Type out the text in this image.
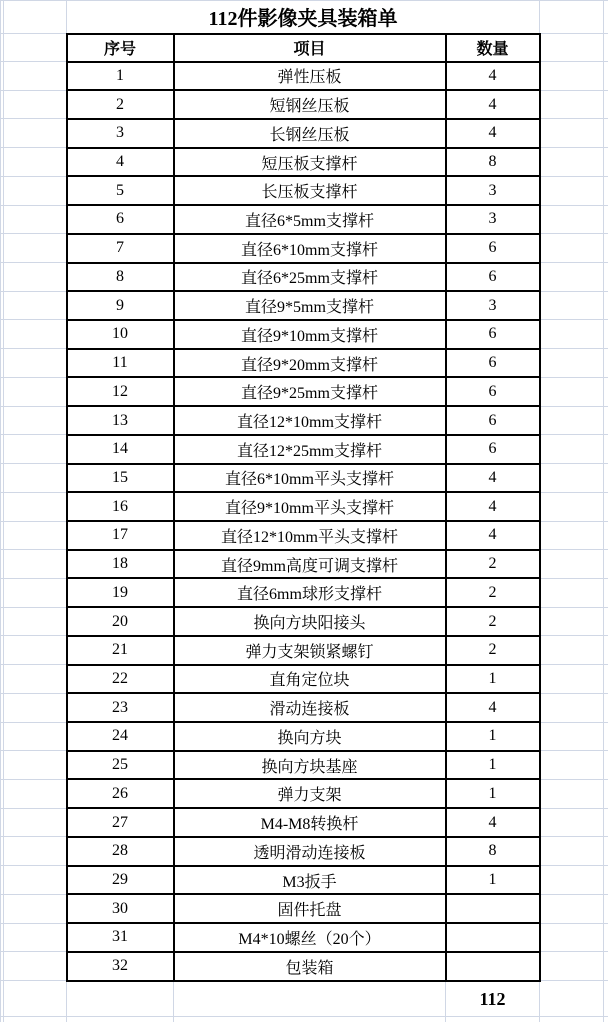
		112件影像夹具装箱单				
		序号	项目	数量		
		1	弹性压板	4		
		2	短钢丝压板	4		
		3	长钢丝压板	4		
		4	短压板支撑杆	8		
		5	长压板支撑杆	3		
		6	直径6*5mm支撑杆	3		
		7	直径6*10mm支撑杆	6		
		8	直径6*25mm支撑杆	6		
		9	直径9*5mm支撑杆	3		
		10	直径9*10mm支撑杆	6		
		11	直径9*20mm支撑杆	6		
		12	直径9*25mm支撑杆	6		
		13	直径12*10mm支撑杆	6		
		14	直径12*25mm支撑杆	6		
		15	直径6*10mm平头支撑杆	4		
		16	直径9*10mm平头支撑杆	4		
		17	直径12*10mm平头支撑杆	4		
		18	直径9mm高度可调支撑杆	2		
		19	直径6mm球形支撑杆	2		
		20	换向方块阳接头	2		
		21	弹力支架锁紧螺钉	2		
		22	直角定位块	1		
		23	滑动连接板	4		
		24	换向方块	1		
		25	换向方块基座	1		
		26	弹力支架	1		
		27	M4-M8转换杆	4		
		28	透明滑动连接板	8		
		29	M3扳手	1		
		30	固件托盘			
		31	M4*10螺丝（20个）			
		32	包装箱			
				112		
